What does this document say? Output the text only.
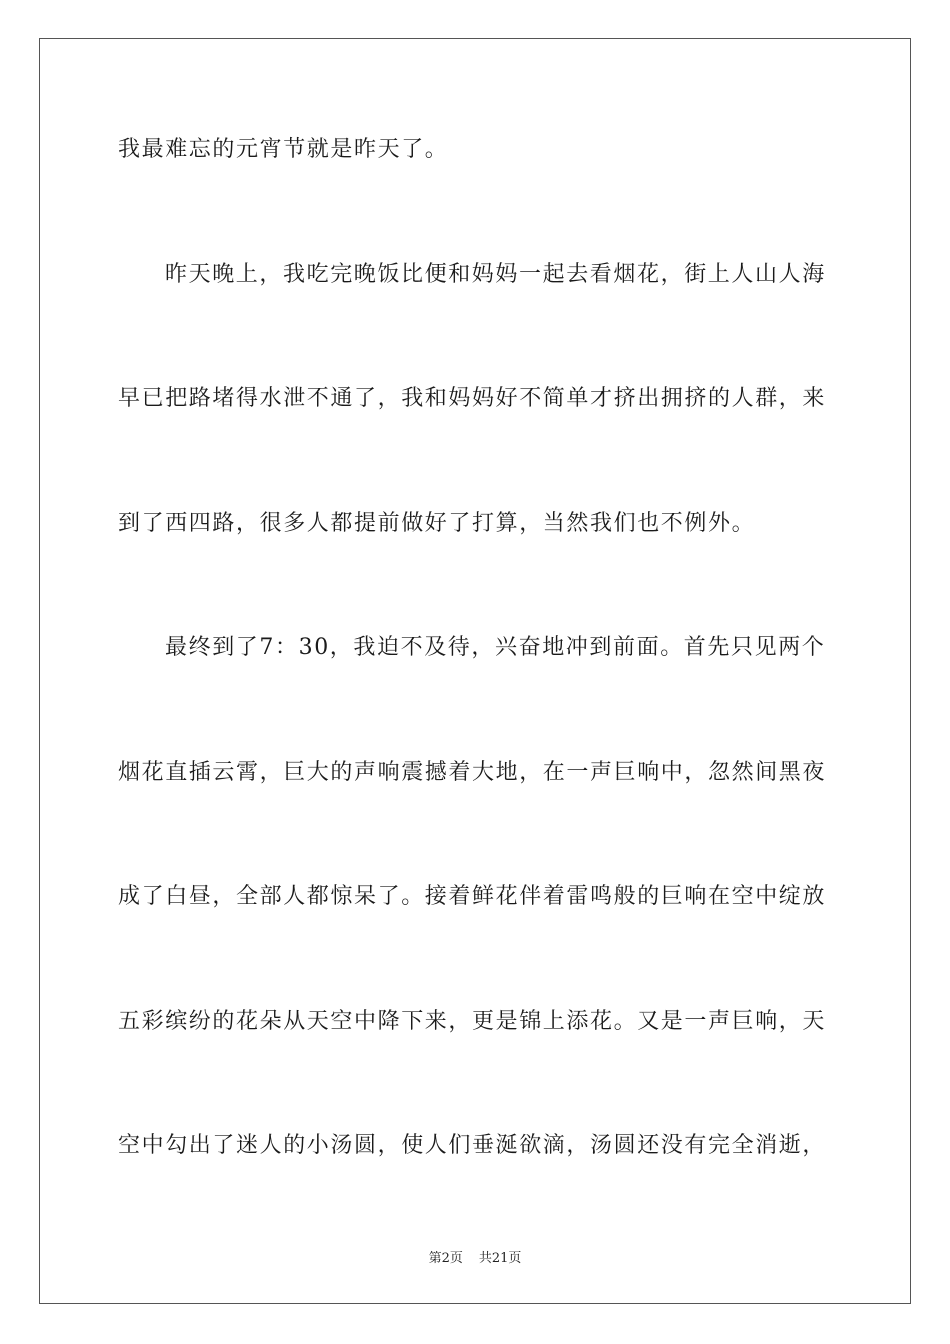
我最难忘的元宵节就是昨天了。
昨天晚上，我吃完晚饭比便和妈妈一起去看烟花，街上人山人海
早已把路堵得水泄不通了，我和妈妈好不简单才挤出拥挤的人群，来
到了西四路，很多人都提前做好了打算，当然我们也不例外。
最终到了7：30，我迫不及待，兴奋地冲到前面。首先只见两个
烟花直插云霄，巨大的声响震撼着大地，在一声巨响中，忽然间黑夜
成了白昼，全部人都惊呆了。接着鲜花伴着雷鸣般的巨响在空中绽放
五彩缤纷的花朵从天空中降下来，更是锦上添花。又是一声巨响，天
空中勾出了迷人的小汤圆，使人们垂涎欲滴，汤圆还没有完全消逝，
第2页 共21页
